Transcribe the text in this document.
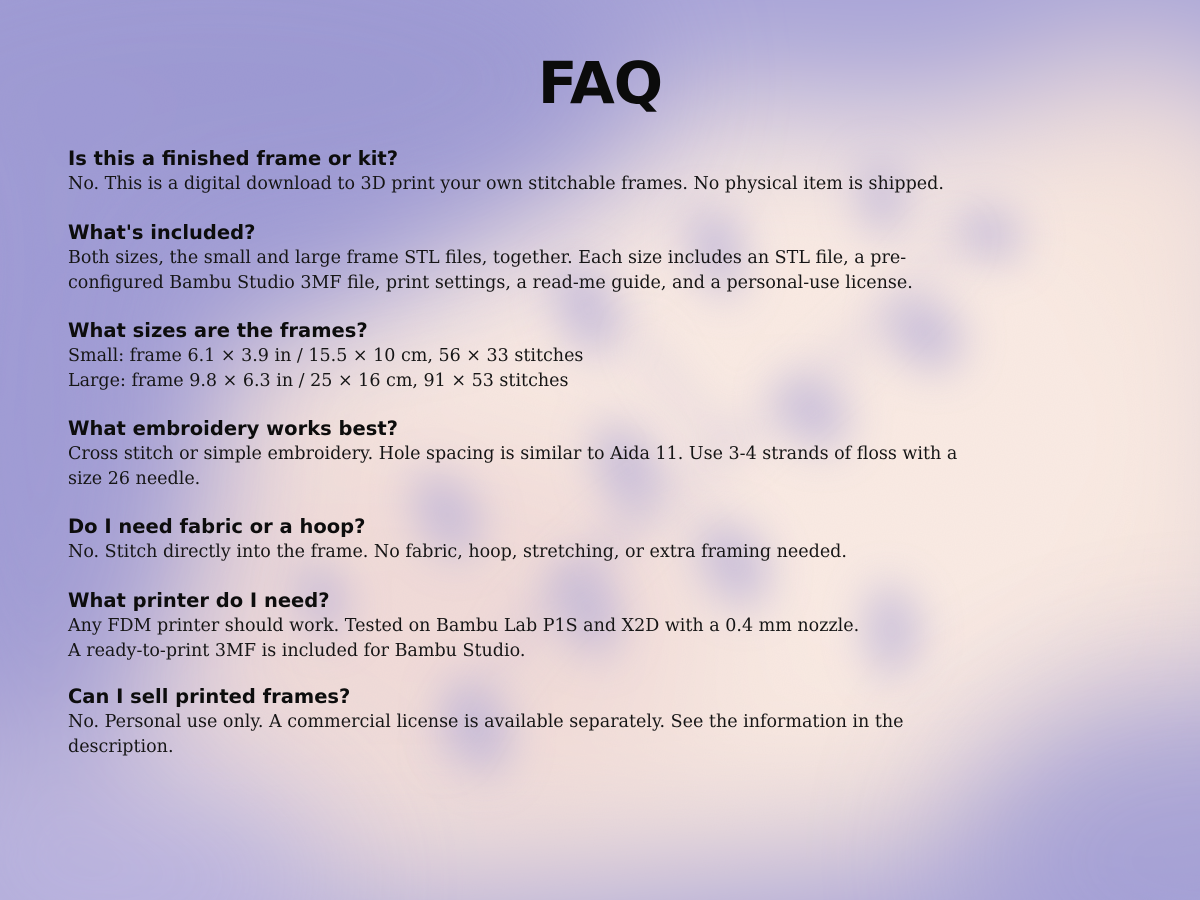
FAQ

Is this a finished frame or kit?

No. This is a digital download to 3D print your own stitchable frames. No physical item is shipped.

What's included?

Both sizes, the small and large frame STL files, together. Each size includes an STL file, a pre-
configured Bambu Studio 3MF file, print settings, a read-me guide, and a personal-use license.

What sizes are the frames?

Small: frame 6.1 × 3.9 in / 15.5 × 10 cm, 56 × 33 stitches
Large: frame 9.8 × 6.3 in / 25 × 16 cm, 91 × 53 stitches

What embroidery works best?

Cross stitch or simple embroidery. Hole spacing is similar to Aida 11. Use 3-4 strands of floss with a
size 26 needle.

Do I need fabric or a hoop?

No. Stitch directly into the frame. No fabric, hoop, stretching, or extra framing needed.

What printer do I need?

Any FDM printer should work. Tested on Bambu Lab P1S and X2D with a 0.4 mm nozzle.
A ready-to-print 3MF is included for Bambu Studio.

Can I sell printed frames?

No. Personal use only. A commercial license is available separately. See the information in the
description.
